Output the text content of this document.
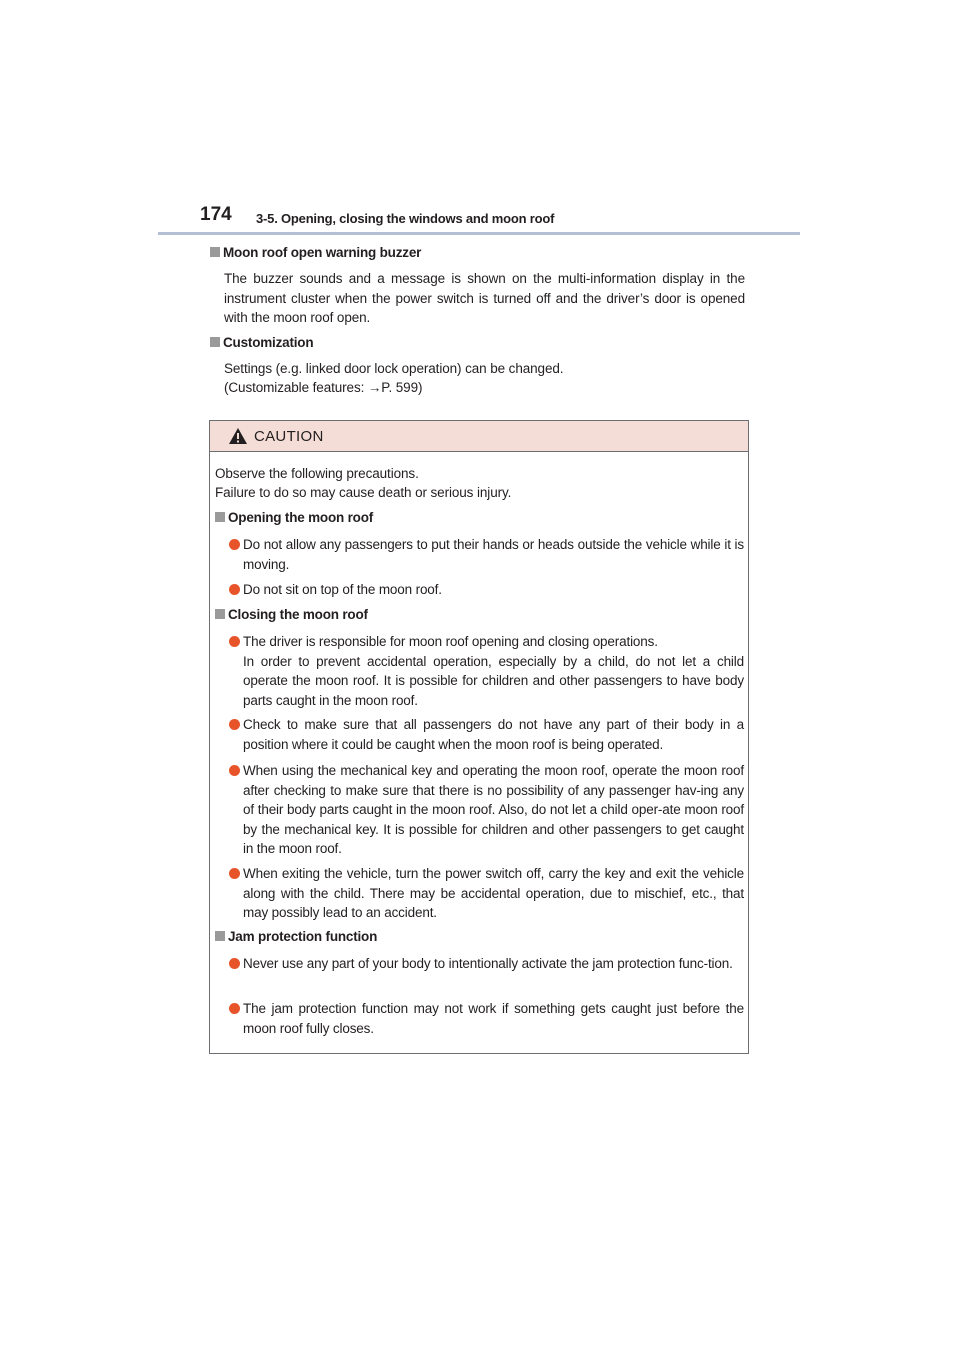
174 3-5. Opening, closing the windows and moon roof
Moon roof open warning buzzer
The buzzer sounds and a message is shown on the multi-information display in the instrument cluster when the power switch is turned off and the driver’s door is opened with the moon roof open.
Customization
Settings (e.g. linked door lock operation) can be changed.
(Customizable features: →P. 599)
CAUTION
Observe the following precautions.
Failure to do so may cause death or serious injury.
Opening the moon roof
Do not allow any passengers to put their hands or heads outside the vehicle while it is moving.
Do not sit on top of the moon roof.
Closing the moon roof

The driver is responsible for moon roof opening and closing operations.

In order to prevent accidental operation, especially by a child, do not let a child operate the moon roof. It is possible for children and other passengers to have body parts caught in the moon roof.

Check to make sure that all passengers do not have any part of their body in a position where it could be caught when the moon roof is being operated.
When using the mechanical key and operating the moon roof, operate the moon roof after checking to make sure that there is no possibility of any passenger hav-ing any of their body parts caught in the moon roof. Also, do not let a child oper-ate moon roof by the mechanical key. It is possible for children and other passengers to get caught in the moon roof.
When exiting the vehicle, turn the power switch off, carry the key and exit the vehicle along with the child. There may be accidental operation, due to mischief, etc., that may possibly lead to an accident.
Jam protection function
Never use any part of your body to intentionally activate the jam protection func-tion.
The jam protection function may not work if something gets caught just before the moon roof fully closes.
